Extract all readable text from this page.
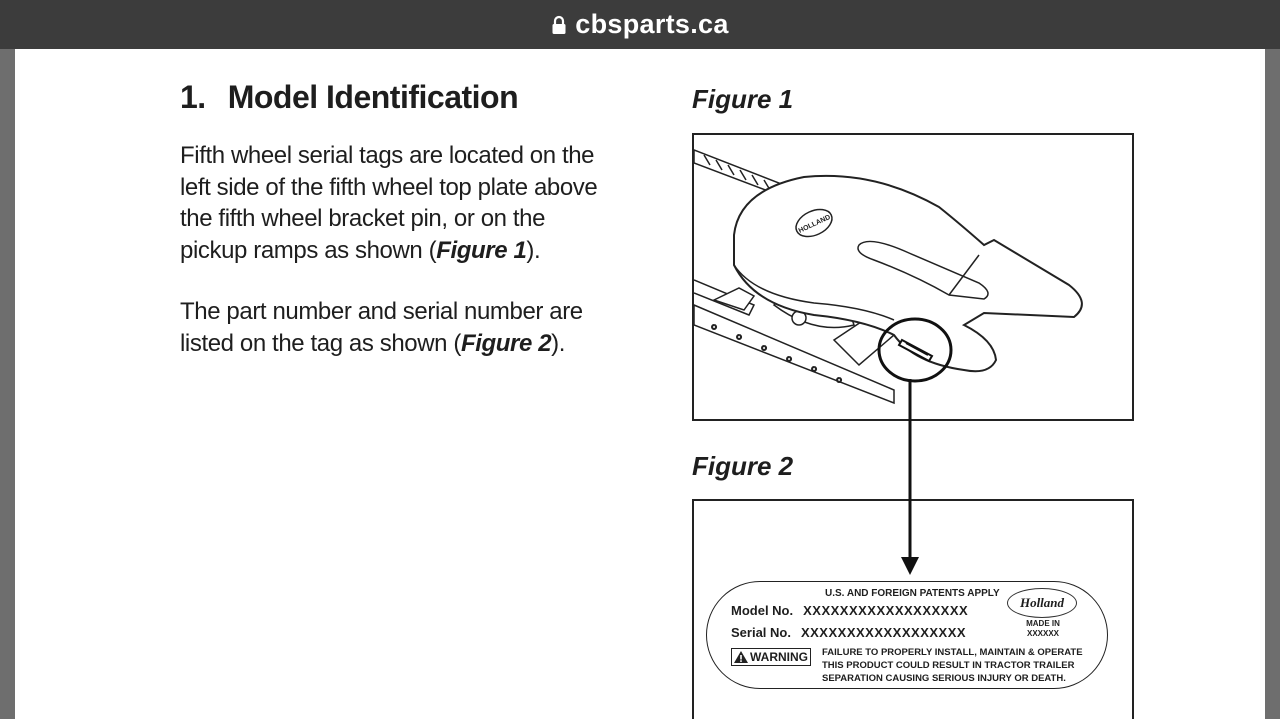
cbsparts.ca
1. Model Identification

Fifth wheel serial tags are located on the
left side of the fifth wheel top plate above
the fifth wheel bracket pin, or on the
pickup ramps as shown (Figure 1).

The part number and serial number are
listed on the tag as shown (Figure 2).

Figure 1
HOLLAND
Figure 2
U.S. AND FOREIGN PATENTS APPLY
Model No. XXXXXXXXXXXXXXXXXX
Serial No. XXXXXXXXXXXXXXXXXX
Holland
MADE IN
XXXXXX
WARNING FAILURE TO PROPERLY INSTALL, MAINTAIN & OPERATE
THIS PRODUCT COULD RESULT IN TRACTOR TRAILER
SEPARATION CAUSING SERIOUS INJURY OR DEATH.
